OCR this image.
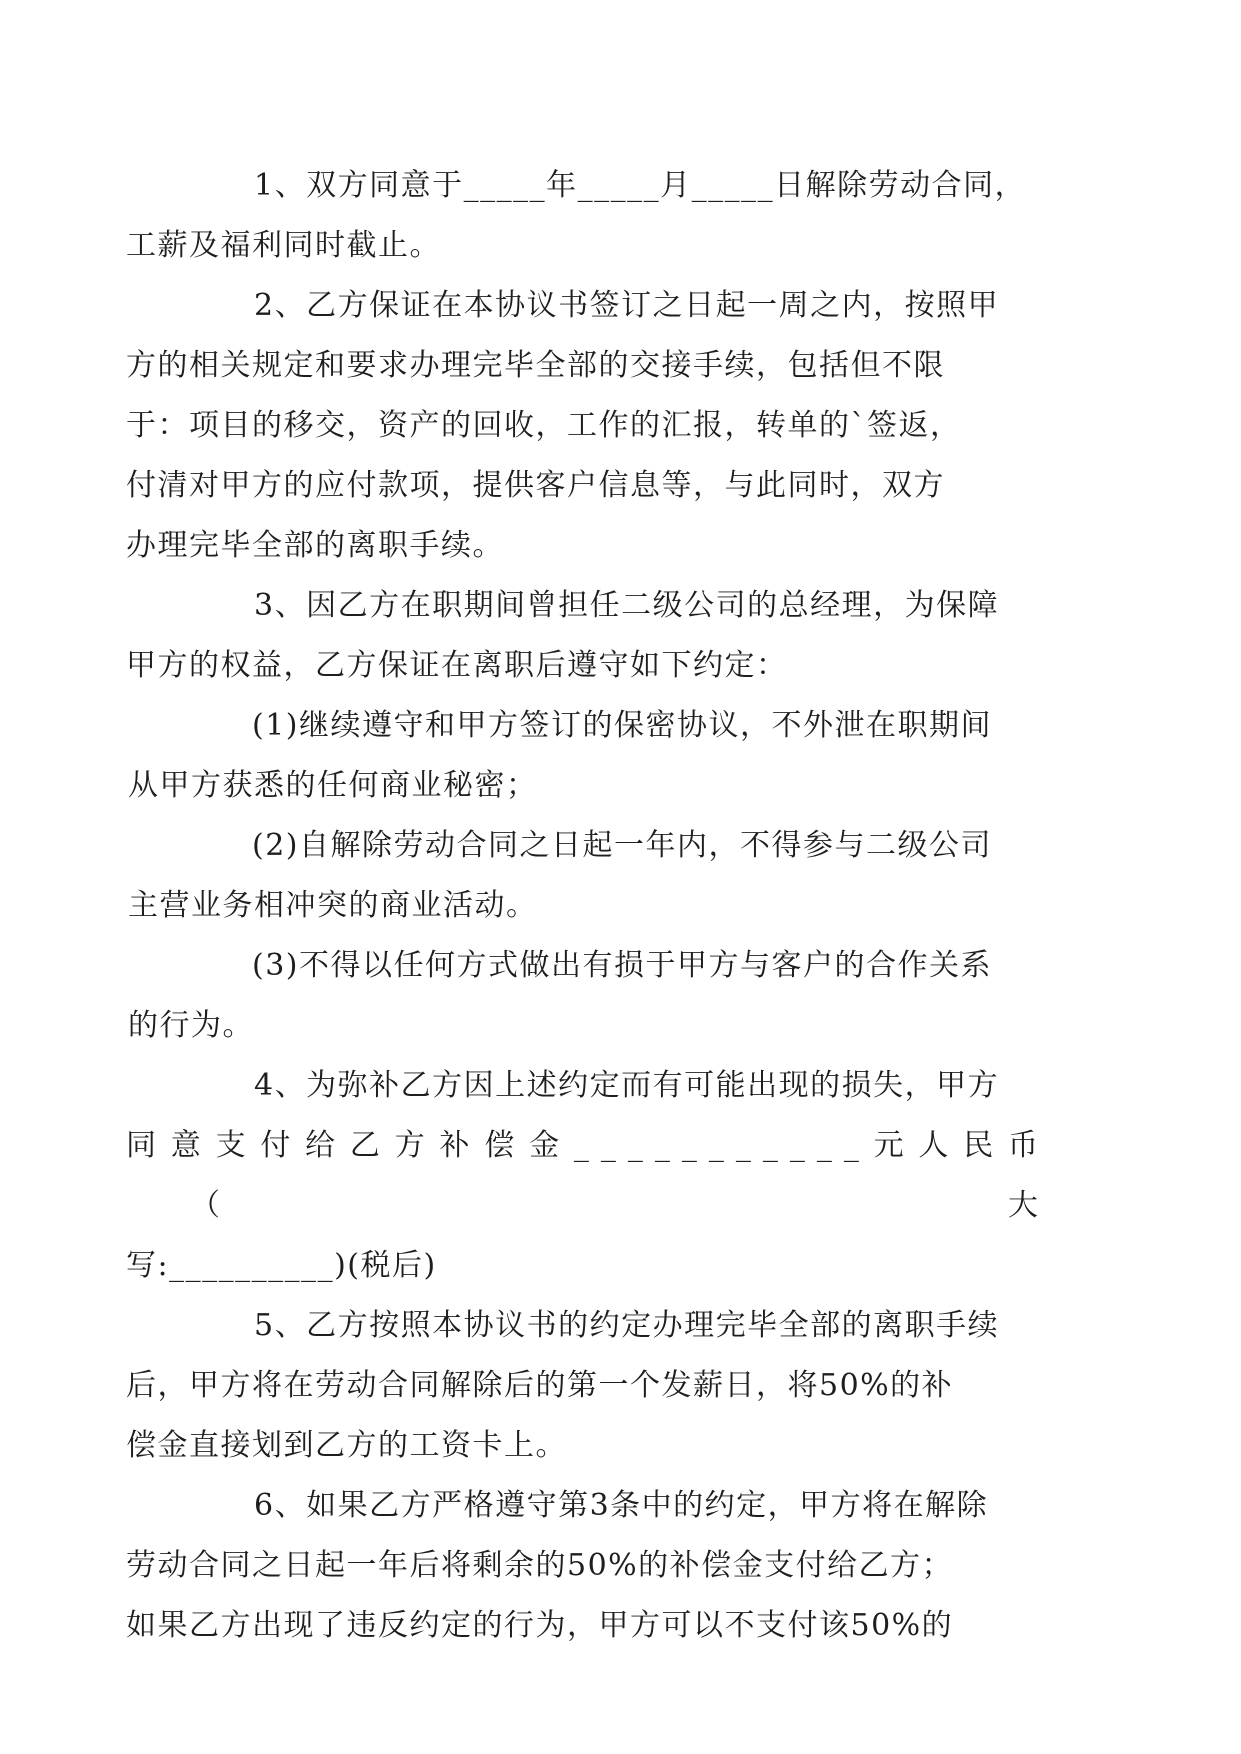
1、双方同意于_____年_____月_____日解除劳动合同，
工薪及福利同时截止。

2、乙方保证在本协议书签订之日起一周之内，按照甲
方的相关规定和要求办理完毕全部的交接手续，包括但不限
于：项目的移交，资产的回收，工作的汇报，转单的`签返，
付清对甲方的应付款项，提供客户信息等，与此同时，双方
办理完毕全部的离职手续。

3、因乙方在职期间曾担任二级公司的总经理，为保障
甲方的权益，乙方保证在离职后遵守如下约定：

(1)继续遵守和甲方签订的保密协议，不外泄在职期间
从甲方获悉的任何商业秘密；

(2)自解除劳动合同之日起一年内，不得参与二级公司
主营业务相冲突的商业活动。

(3)不得以任何方式做出有损于甲方与客户的合作关系
的行为。

4、为弥补乙方因上述约定而有可能出现的损失，甲方
同意支付给乙方补偿金___________元人民币（大
写:__________)(税后)

5、乙方按照本协议书的约定办理完毕全部的离职手续
后，甲方将在劳动合同解除后的第一个发薪日，将50%的补
偿金直接划到乙方的工资卡上。

6、如果乙方严格遵守第3条中的约定，甲方将在解除
劳动合同之日起一年后将剩余的50%的补偿金支付给乙方；
如果乙方出现了违反约定的行为，甲方可以不支付该50%的
